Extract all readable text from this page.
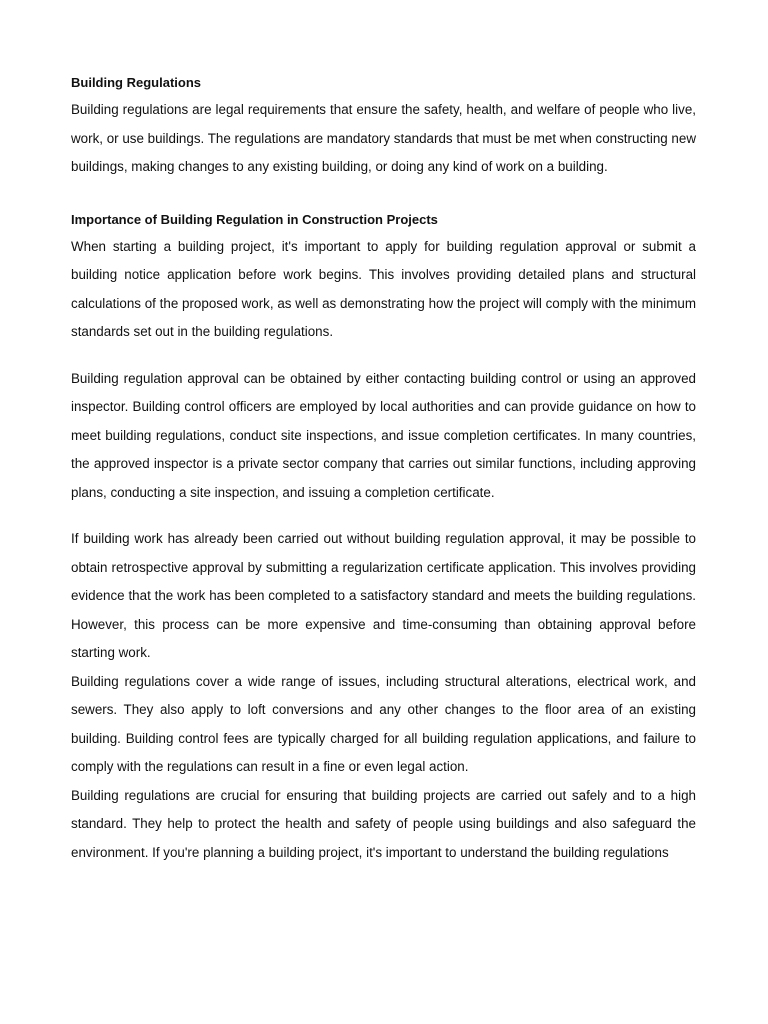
Building Regulations

Building regulations are legal requirements that ensure the safety, health, and welfare of people who live, work, or use buildings. The regulations are mandatory standards that must be met when constructing new buildings, making changes to any existing building, or doing any kind of work on a building.

Importance of Building Regulation in Construction Projects

When starting a building project, it's important to apply for building regulation approval or submit a building notice application before work begins. This involves providing detailed plans and structural calculations of the proposed work, as well as demonstrating how the project will comply with the minimum standards set out in the building regulations.

Building regulation approval can be obtained by either contacting building control or using an approved inspector. Building control officers are employed by local authorities and can provide guidance on how to meet building regulations, conduct site inspections, and issue completion certificates. In many countries, the approved inspector is a private sector company that carries out similar functions, including approving plans, conducting a site inspection, and issuing a completion certificate.

If building work has already been carried out without building regulation approval, it may be possible to obtain retrospective approval by submitting a regularization certificate application. This involves providing evidence that the work has been completed to a satisfactory standard and meets the building regulations. However, this process can be more expensive and time-consuming than obtaining approval before starting work.

Building regulations cover a wide range of issues, including structural alterations, electrical work, and sewers. They also apply to loft conversions and any other changes to the floor area of an existing building. Building control fees are typically charged for all building regulation applications, and failure to comply with the regulations can result in a fine or even legal action.

Building regulations are crucial for ensuring that building projects are carried out safely and to a high standard. They help to protect the health and safety of people using buildings and also safeguard the environment. If you're planning a building project, it's important to understand the building regulations
